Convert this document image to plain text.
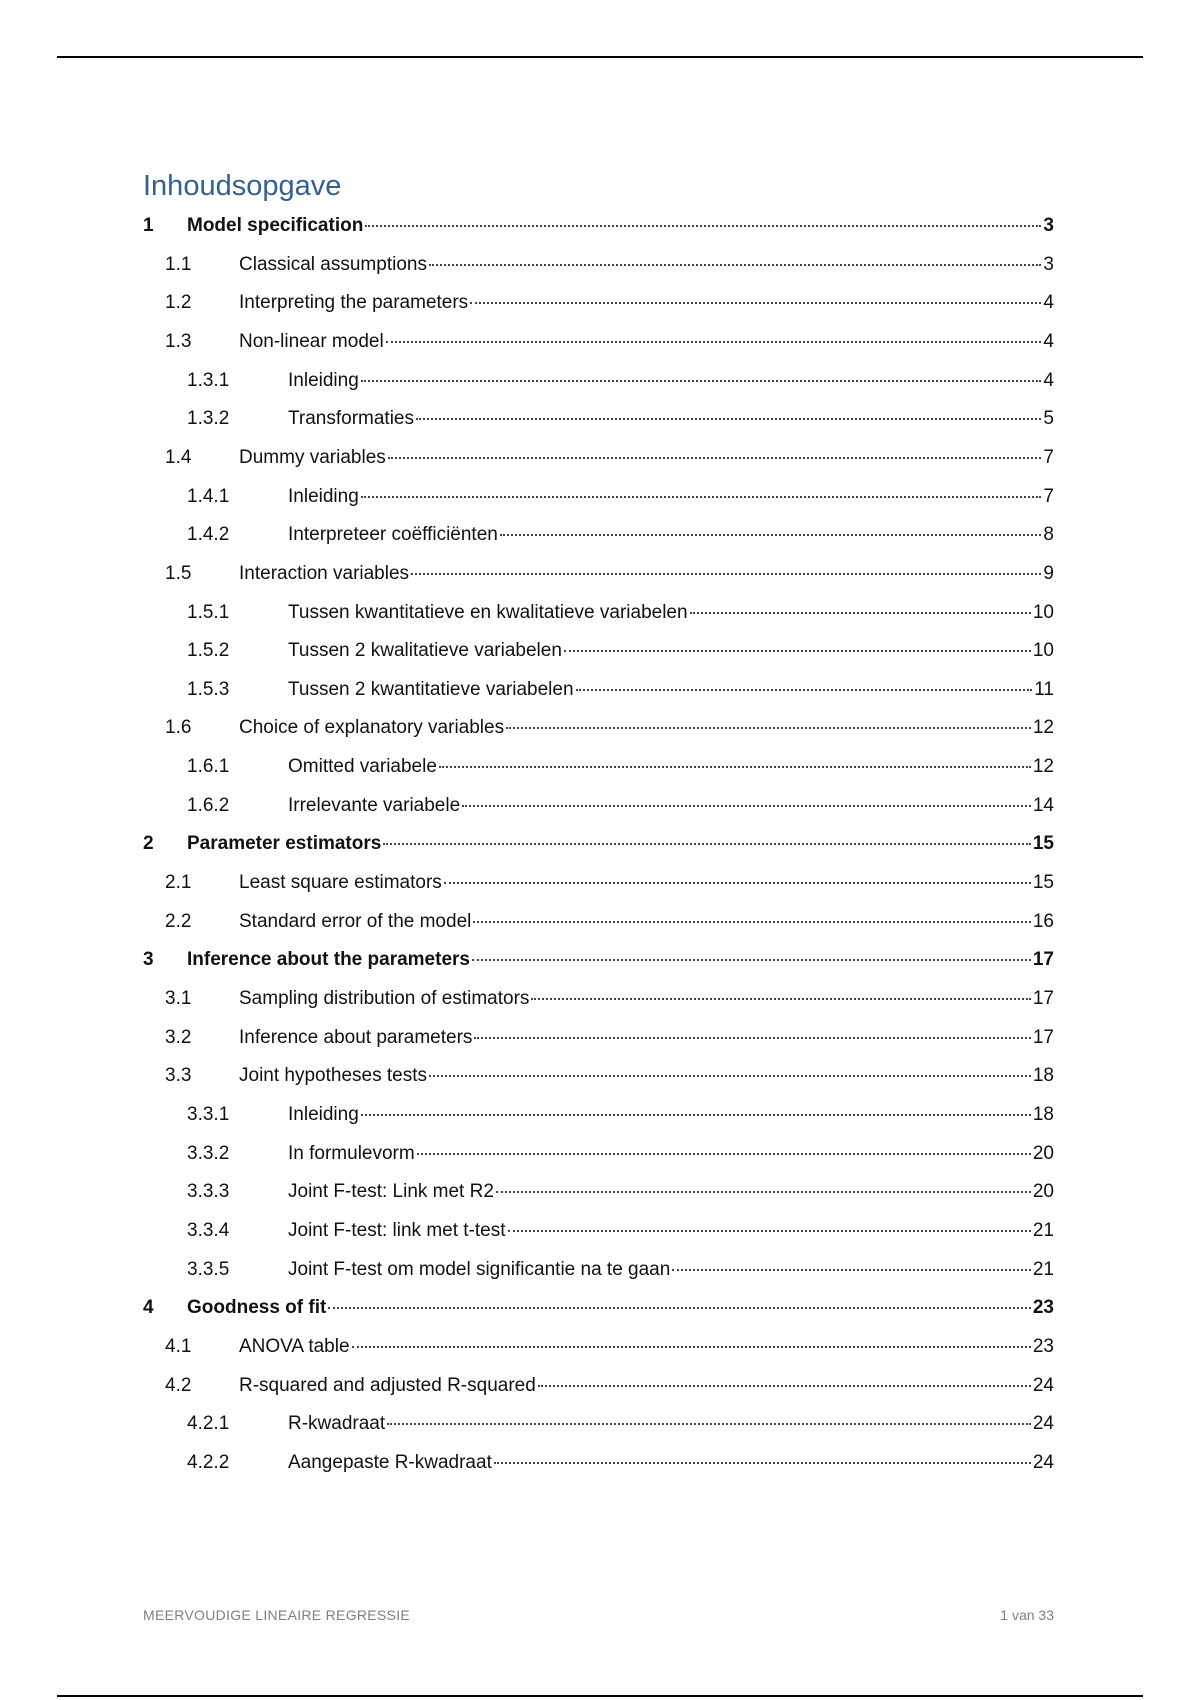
Inhoudsopgave
1	Model specification	3
1.1	Classical assumptions	3
1.2	Interpreting the parameters	4
1.3	Non-linear model	4
1.3.1	Inleiding	4
1.3.2	Transformaties	5
1.4	Dummy variables	7
1.4.1	Inleiding	7
1.4.2	Interpreteer coëfficiënten	8
1.5	Interaction variables	9
1.5.1	Tussen kwantitatieve en kwalitatieve variabelen	10
1.5.2	Tussen 2 kwalitatieve variabelen	10
1.5.3	Tussen 2 kwantitatieve variabelen	11
1.6	Choice of explanatory variables	12
1.6.1	Omitted variabele	12
1.6.2	Irrelevante variabele	14
2	Parameter estimators	15
2.1	Least square estimators	15
2.2	Standard error of the model	16
3	Inference about the parameters	17
3.1	Sampling distribution of estimators	17
3.2	Inference about parameters	17
3.3	Joint hypotheses tests	18
3.3.1	Inleiding	18
3.3.2	In formulevorm	20
3.3.3	Joint F-test: Link met R2	20
3.3.4	Joint F-test: link met t-test	21
3.3.5	Joint F-test om model significantie na te gaan	21
4	Goodness of fit	23
4.1	ANOVA table	23
4.2	R-squared and adjusted R-squared	24
4.2.1	R-kwadraat	24
4.2.2	Aangepaste R-kwadraat	24
MEERVOUDIGE LINEAIRE REGRESSIE	1 van 33
